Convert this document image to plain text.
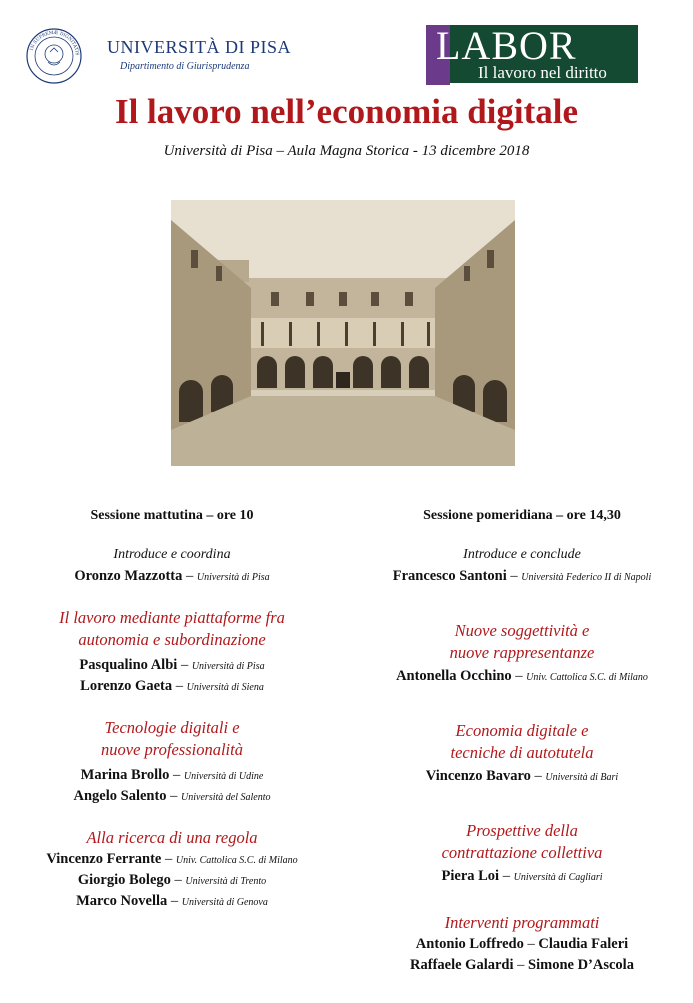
IN SUPREMÆ DIGNITATIS UNIVERSITÀ DI PISA
Dipartimento di Giurisprudenza	LABOR
Il lavoro nel diritto
Il lavoro nell’economia digitale
Università di Pisa – Aula Magna Storica - 13 dicembre 2018
Sessione mattutina – ore 10
Introduce e coordina
Oronzo Mazzotta – Università di Pisa
Il lavoro mediante piattaforme fra
autonomia e subordinazione
Pasqualino Albi – Università di Pisa
Lorenzo Gaeta – Università di Siena
Tecnologie digitali e
nuove professionalità
Marina Brollo – Università di Udine
Angelo Salento – Università del Salento
Alla ricerca di una regola
Vincenzo Ferrante – Univ. Cattolica S.C. di Milano
Giorgio Bolego – Università di Trento
Marco Novella – Università di Genova
Sessione pomeridiana – ore 14,30
Introduce e conclude
Francesco Santoni – Università Federico II di Napoli
Nuove soggettività e
nuove rappresentanze
Antonella Occhino – Univ. Cattolica S.C. di Milano
Economia digitale e
tecniche di autotutela
Vincenzo Bavaro – Università di Bari
Prospettive della
contrattazione collettiva
Piera Loi – Università di Cagliari
Interventi programmati
Antonio Loffredo – Claudia Faleri
Raffaele Galardi – Simone D’Ascola
